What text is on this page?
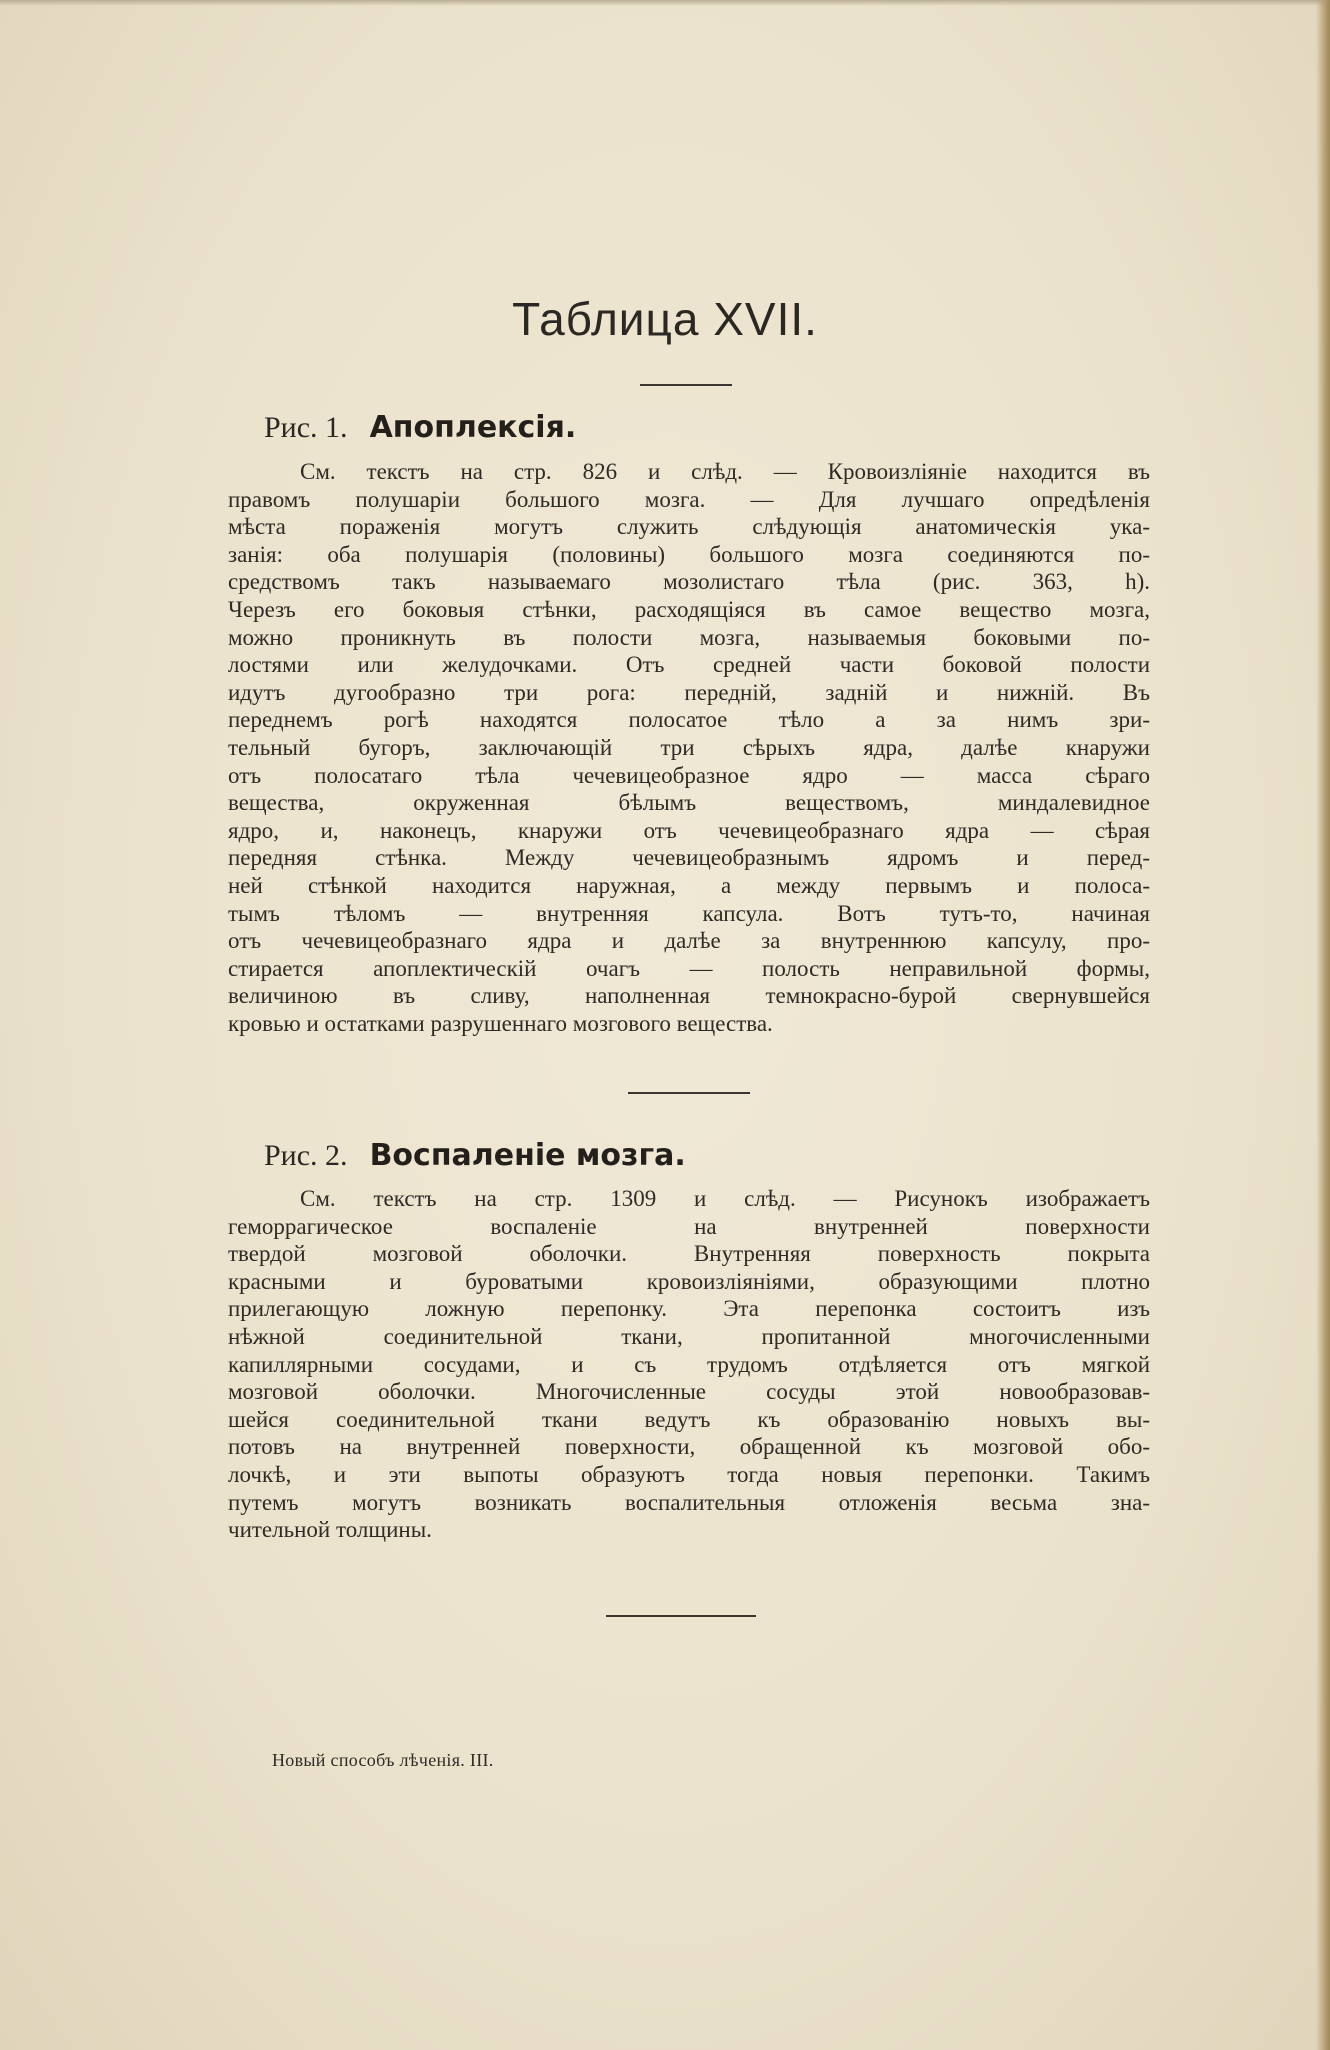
Таблица XVII.
Рис. 1. Апоплексія.
См. текстъ на стр. 826 и слѣд. — Кровоизліяніе находится въ
правомъ полушаріи большого мозга. — Для лучшаго опредѣленія
мѣста пораженія могутъ служить слѣдующія анатомическія ука-
занія: оба полушарія (половины) большого мозга соединяются по-
средствомъ такъ называемаго мозолистаго тѣла (рис. 363, h).
Черезъ его боковыя стѣнки, расходящіяся въ самое вещество мозга,
можно проникнуть въ полости мозга, называемыя боковыми по-
лостями или желудочками. Отъ средней части боковой полости
идутъ дугообразно три рога: передній, задній и нижній. Въ
переднемъ рогѣ находятся полосатое тѣло а за нимъ зри-
тельный бугоръ, заключающій три сѣрыхъ ядра, далѣе кнаружи
отъ полосатаго тѣла чечевицеобразное ядро — масса сѣраго
вещества, окруженная бѣлымъ веществомъ, миндалевидное
ядро, и, наконецъ, кнаружи отъ чечевицеобразнаго ядра — сѣрая
передняя стѣнка. Между чечевицеобразнымъ ядромъ и перед-
ней стѣнкой находится наружная, а между первымъ и полоса-
тымъ тѣломъ — внутренняя капсула. Вотъ тутъ-то, начиная
отъ чечевицеобразнаго ядра и далѣе за внутреннюю капсулу, про-
стирается апоплектическій очагъ — полость неправильной формы,
величиною въ сливу, наполненная темнокрасно-бурой свернувшейся
кровью и остатками разрушеннаго мозгового вещества.
Рис. 2. Воспаленіе мозга.
См. текстъ на стр. 1309 и слѣд. — Рисунокъ изображаетъ
геморрагическое воспаленіе на внутренней поверхности
твердой мозговой оболочки. Внутренняя поверхность покрыта
красными и буроватыми кровоизліяніями, образующими плотно
прилегающую ложную перепонку. Эта перепонка состоитъ изъ
нѣжной соединительной ткани, пропитанной многочисленными
капиллярными сосудами, и съ трудомъ отдѣляется отъ мягкой
мозговой оболочки. Многочисленные сосуды этой новообразовав-
шейся соединительной ткани ведутъ къ образованію новыхъ вы-
потовъ на внутренней поверхности, обращенной къ мозговой обо-
лочкѣ, и эти выпоты образуютъ тогда новыя перепонки. Такимъ
путемъ могутъ возникать воспалительныя отложенія весьма зна-
чительной толщины.
Новый способъ лѣченія. III.
